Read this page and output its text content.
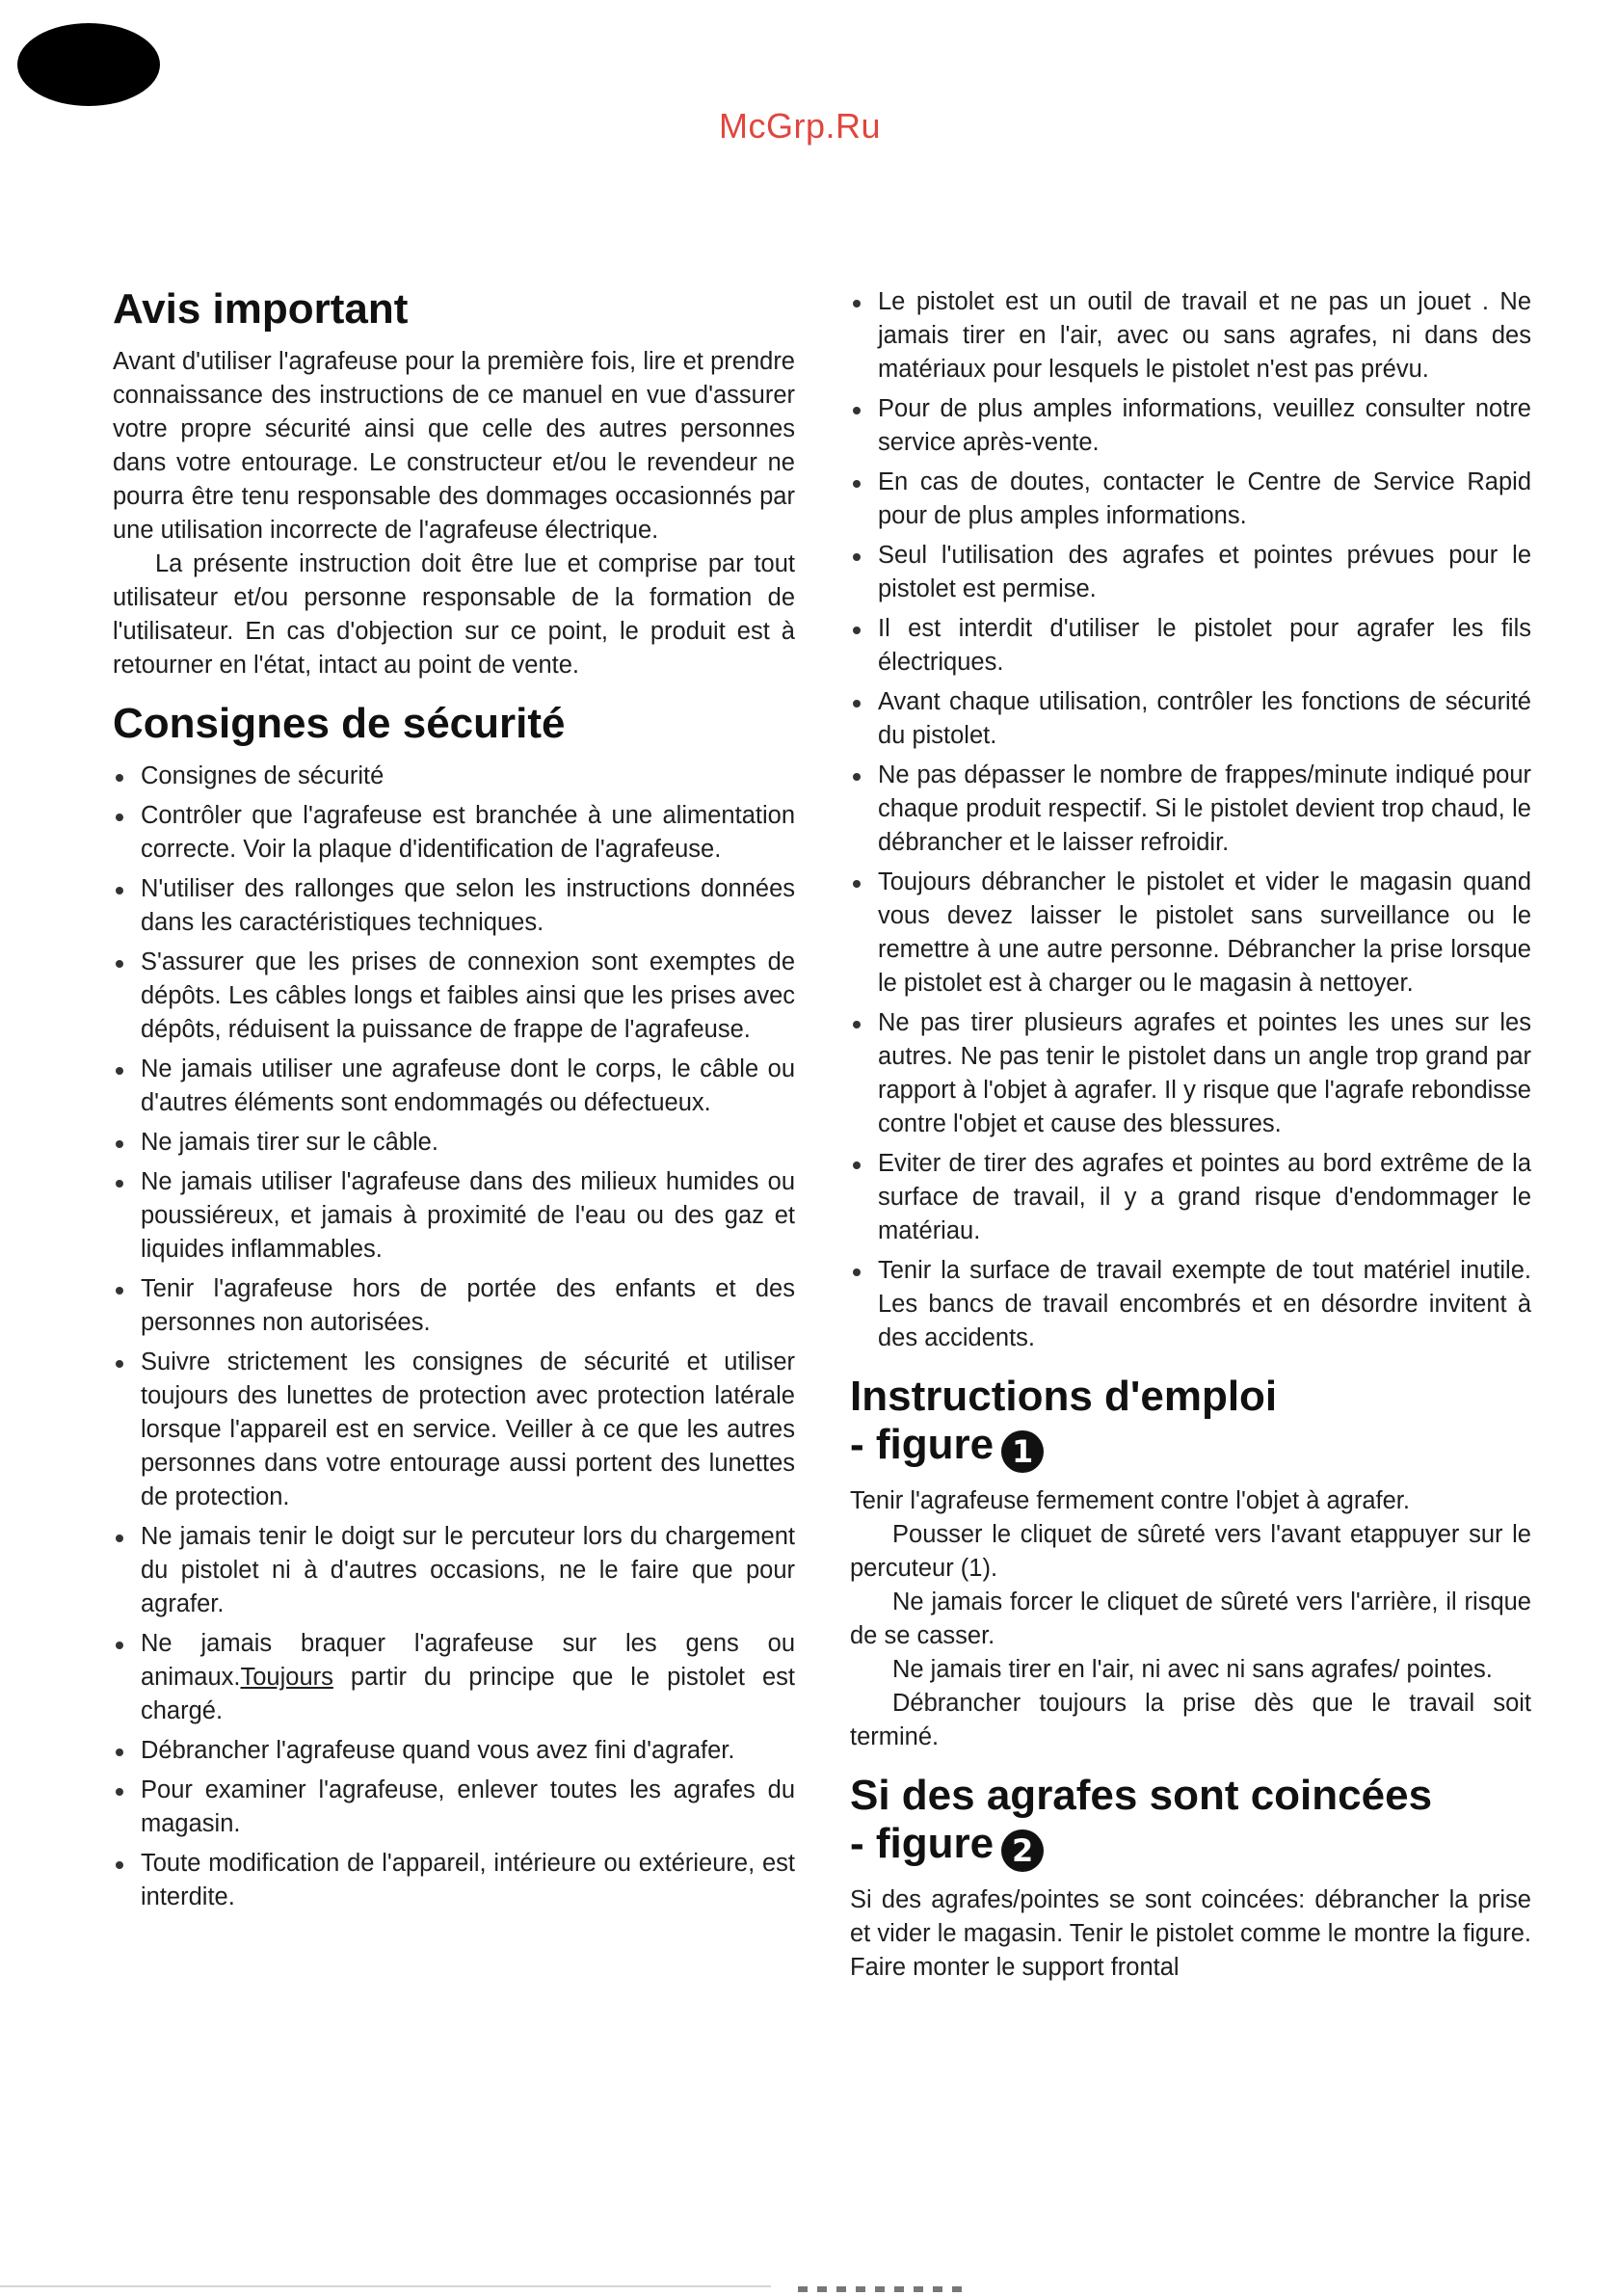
McGrp.Ru
Avis important

Avant d'utiliser l'agrafeuse pour la première fois, lire et prendre connaissance des instructions de ce manuel en vue d'assurer votre propre sécurité ainsi que celle des autres personnes dans votre entourage. Le constructeur et/ou le revendeur ne pourra être tenu responsable des dommages occasionnés par une utilisation incorrecte de l'agrafeuse électrique.

La présente instruction doit être lue et comprise par tout utilisateur et/ou personne responsable de la formation de l'utilisateur. En cas d'objection sur ce point, le produit est à retourner en l'état, intact au point de vente.

Consignes de sécurité
Consignes de sécurité
Contrôler que l'agrafeuse est branchée à une alimentation correcte. Voir la plaque d'identification de l'agrafeuse.
N'utiliser des rallonges que selon les instructions données dans les caractéristiques techniques.
S'assurer que les prises de connexion sont exemptes de dépôts. Les câbles longs et faibles ainsi que les prises avec dépôts, réduisent la puissance de frappe de l'agrafeuse.
Ne jamais utiliser une agrafeuse dont le corps, le câble ou d'autres éléments sont endommagés ou défectueux.
Ne jamais tirer sur le câble.
Ne jamais utiliser l'agrafeuse dans des milieux humides ou poussiéreux, et jamais à proximité de l'eau ou des gaz et liquides inflammables.
Tenir l'agrafeuse hors de portée des enfants et des personnes non autorisées.
Suivre strictement les consignes de sécurité et utiliser toujours des lunettes de protection avec protection latérale lorsque l'appareil est en service. Veiller à ce que les autres personnes dans votre entourage aussi portent des lunettes de protection.
Ne jamais tenir le doigt sur le percuteur lors du chargement du pistolet ni à d'autres occasions, ne le faire que pour agrafer.
Ne jamais braquer l'agrafeuse sur les gens ou animaux.Toujours partir du principe que le pistolet est chargé.
Débrancher l'agrafeuse quand vous avez fini d'agrafer.
Pour examiner l'agrafeuse, enlever toutes les agrafes du magasin.
Toute modification de l'appareil, intérieure ou extérieure, est interdite.
Le pistolet est un outil de travail et ne pas un jouet . Ne jamais tirer en l'air, avec ou sans agrafes, ni dans des matériaux pour lesquels le pistolet n'est pas prévu.
Pour de plus amples informations, veuillez consulter notre service après-vente.
En cas de doutes, contacter le Centre de Service Rapid pour de plus amples informations.
Seul l'utilisation des agrafes et pointes prévues pour le pistolet est permise.
Il est interdit d'utiliser le pistolet pour agrafer les fils électriques.
Avant chaque utilisation, contrôler les fonctions de sécurité du pistolet.
Ne pas dépasser le nombre de frappes/minute indiqué pour chaque produit respectif. Si le pistolet devient trop chaud, le débrancher et le laisser refroidir.
Toujours débrancher le pistolet et vider le magasin quand vous devez laisser le pistolet sans surveillance ou le remettre à une autre personne. Débrancher la prise lorsque le pistolet est à charger ou le magasin à nettoyer.
Ne pas tirer plusieurs agrafes et pointes les unes sur les autres. Ne pas tenir le pistolet dans un angle trop grand par rapport à l'objet à agrafer. Il y risque que l'agrafe rebondisse contre l'objet et cause des blessures.
Eviter de tirer des agrafes et pointes au bord extrême de la surface de travail, il y a grand risque d'endommager le matériau.
Tenir la surface de travail exempte de tout matériel inutile. Les bancs de travail encombrés et en désordre invitent à des accidents.
Instructions d'emploi
- figure 1

Tenir l'agrafeuse fermement contre l'objet à agrafer.

Pousser le cliquet de sûreté vers l'avant etappuyer sur le percuteur (1).

Ne jamais forcer le cliquet de sûreté vers l'arrière, il risque de se casser.

Ne jamais tirer en l'air, ni avec ni sans agrafes/ pointes.

Débrancher toujours la prise dès que le travail soit terminé.

Si des agrafes sont coincées
- figure 2

Si des agrafes/pointes se sont coincées: débrancher la prise et vider le magasin. Tenir le pistolet comme le montre la figure. Faire monter le support frontal
